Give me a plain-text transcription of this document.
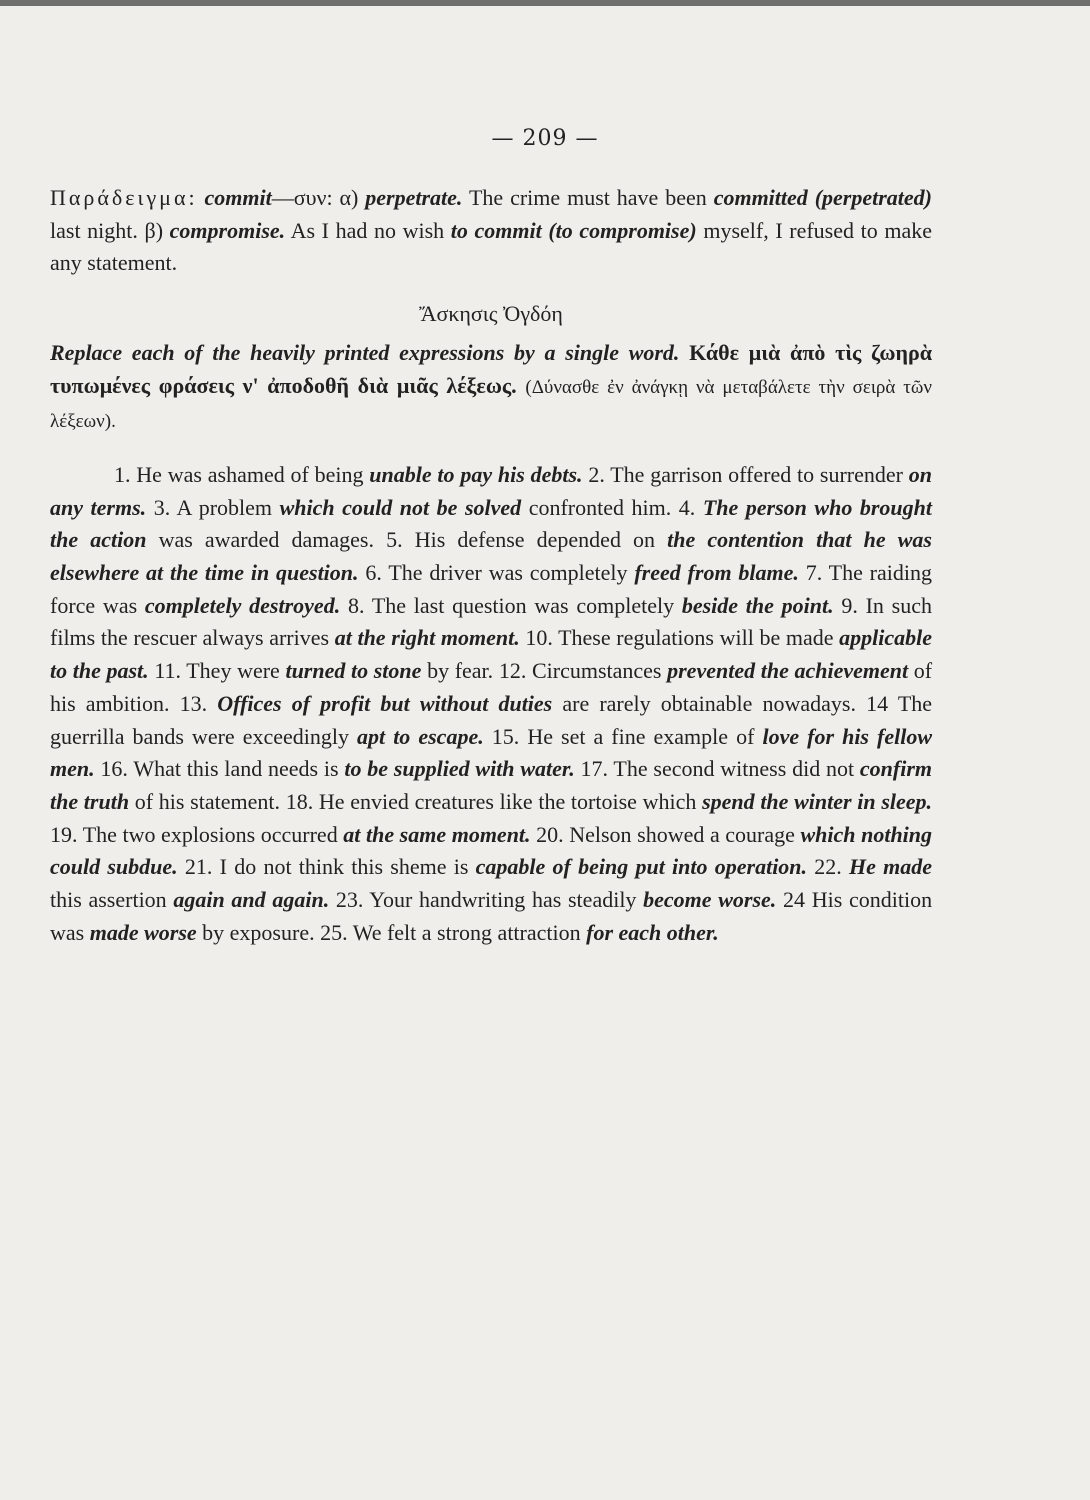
— 209 —

Παράδειγμα: commit—συν: α) perpetrate. The crime must have been committed (perpetrated) last night. β) compromise. As I had no wish to commit (to compromise) myself, I refused to make any statement.

Ἄσκησις Ὀγδόη

Replace each of the heavily printed expressions by a single word. Κάθε μιὰ ἀπὸ τὶς ζωηρὰ τυπωμένες φράσεις ν' ἀποδοθῆ διὰ μιᾶς λέξεως. (Δύνασθε ἐν ἀνάγκῃ νὰ μεταβάλετε τὴν σειρὰ τῶν λέξεων).

1. He was ashamed of being unable to pay his debts. 2. The garrison offered to surrender on any terms. 3. A problem which could not be solved confronted him. 4. The person who brought the action was awarded damages. 5. His defense depended on the contention that he was elsewhere at the time in question. 6. The driver was completely freed from blame. 7. The raiding force was completely destroyed. 8. The last question was completely beside the point. 9. In such films the rescuer always arrives at the right moment. 10. These regulations will be made applicable to the past. 11. They were turned to stone by fear. 12. Circumstances prevented the achievement of his ambition. 13. Offices of profit but without duties are rarely obtainable nowadays. 14 The guerrilla bands were exceedingly apt to escape. 15. He set a fine example of love for his fellow men. 16. What this land needs is to be supplied with water. 17. The second witness did not confirm the truth of his statement. 18. He envied creatures like the tortoise which spend the winter in sleep. 19. The two explosions occurred at the same moment. 20. Nelson showed a courage which nothing could subdue. 21. I do not think this sheme is capable of being put into operation. 22. He made this assertion again and again. 23. Your handwriting has steadily become worse. 24 His condition was made worse by exposure. 25. We felt a strong attraction for each other.
